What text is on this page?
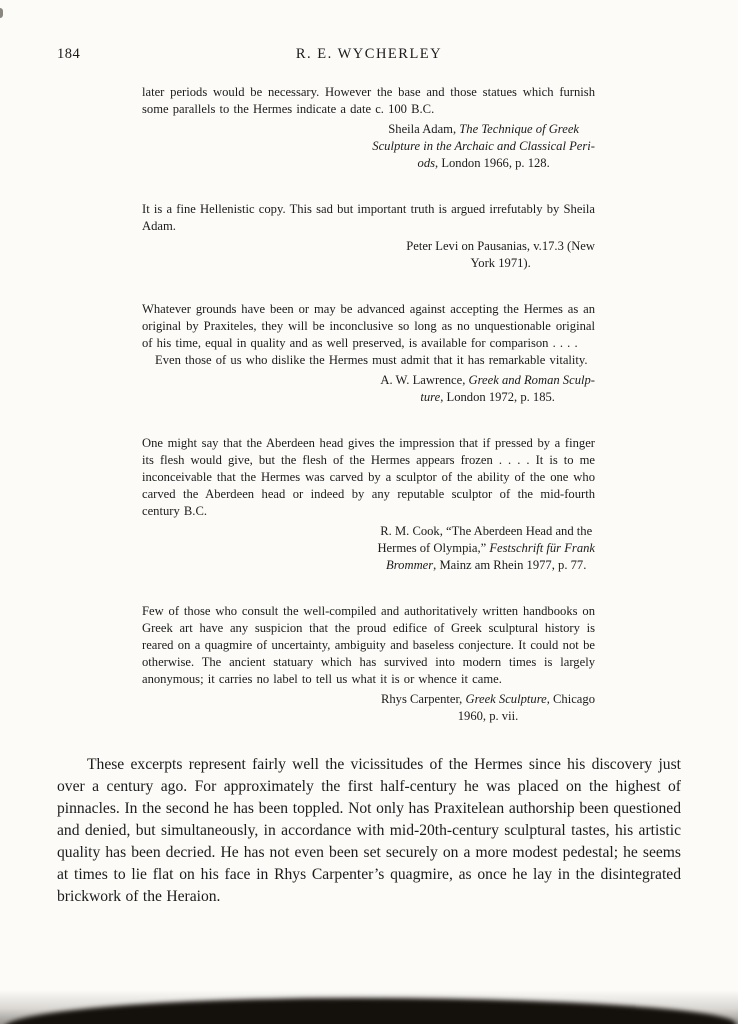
184	R. E. WYCHERLEY

later periods would be necessary. However the base and those statues which furnish some parallels to the Hermes indicate a date c. 100 B.C.

Sheila Adam, The Technique of Greek
Sculpture in the Archaic and Classical Peri-
ods, London 1966, p. 128.

It is a fine Hellenistic copy. This sad but important truth is argued irrefutably by Sheila Adam.

Peter Levi on Pausanias, v.17.3 (New
York 1971).

Whatever grounds have been or may be advanced against accepting the Hermes as an original by Praxiteles, they will be inconclusive so long as no unquestionable original of his time, equal in quality and as well preserved, is available for comparison . . . .

Even those of us who dislike the Hermes must admit that it has remarkable vitality.

A. W. Lawrence, Greek and Roman Sculp-
ture, London 1972, p. 185.

One might say that the Aberdeen head gives the impression that if pressed by a finger its flesh would give, but the flesh of the Hermes appears frozen . . . . It is to me inconceivable that the Hermes was carved by a sculptor of the ability of the one who carved the Aberdeen head or indeed by any reputable sculptor of the mid-fourth century B.C.

R. M. Cook, “The Aberdeen Head and the
Hermes of Olympia,” Festschrift für Frank
Brommer, Mainz am Rhein 1977, p. 77.

Few of those who consult the well-compiled and authoritatively written handbooks on Greek art have any suspicion that the proud edifice of Greek sculptural history is reared on a quagmire of uncertainty, ambiguity and baseless conjecture. It could not be otherwise. The ancient statuary which has survived into modern times is largely anonymous; it carries no label to tell us what it is or whence it came.

Rhys Carpenter, Greek Sculpture, Chicago
1960, p. vii.

These excerpts represent fairly well the vicissitudes of the Hermes since his discovery just over a century ago. For approximately the first half-century he was placed on the highest of pinnacles. In the second he has been toppled. Not only has Praxitelean authorship been questioned and denied, but simultaneously, in accordance with mid-20th-century sculptural tastes, his artistic quality has been decried. He has not even been set securely on a more modest pedestal; he seems at times to lie flat on his face in Rhys Carpenter’s quagmire, as once he lay in the disintegrated brickwork of the Heraion.
